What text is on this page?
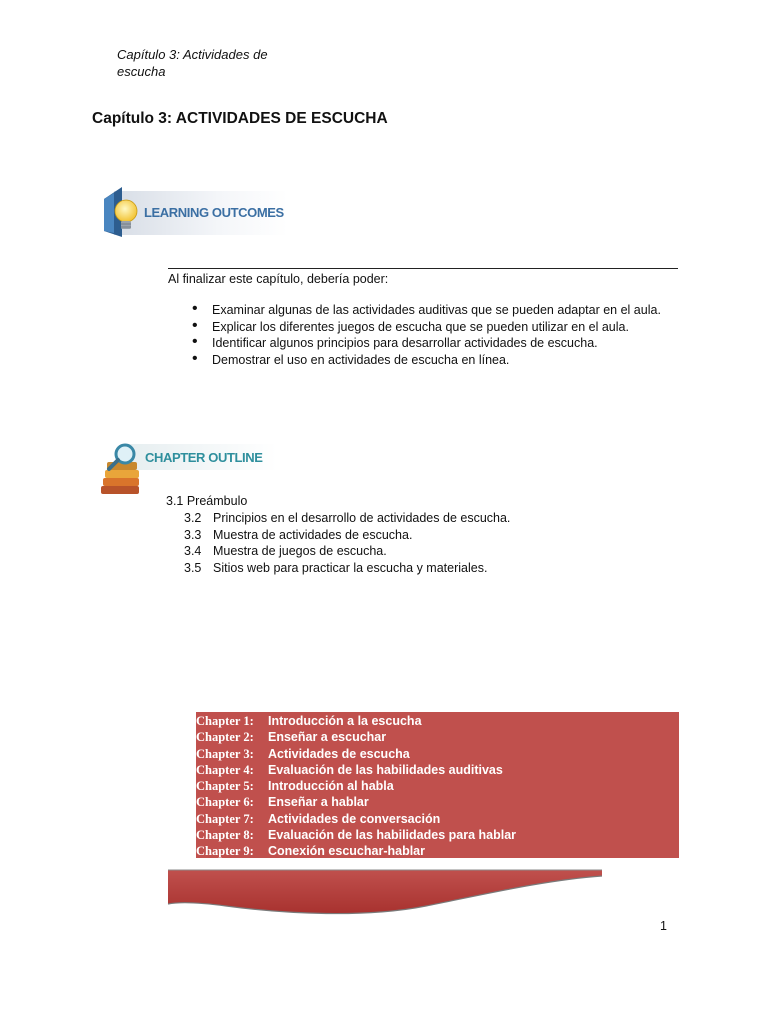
Capítulo 3: Actividades de escucha
Capítulo 3: ACTIVIDADES DE ESCUCHA
LEARNING OUTCOMES
Al finalizar este capítulo, debería poder:
• Examinar algunas de las actividades auditivas que se pueden adaptar en el aula.
• Explicar los diferentes juegos de escucha que se pueden utilizar en el aula.
• Identificar algunos principios para desarrollar actividades de escucha.
• Demostrar el uso en actividades de escucha en línea.
CHAPTER OUTLINE
3.1 Preámbulo
3.2 Principios en el desarrollo de actividades de escucha.
3.3 Muestra de actividades de escucha.
3.4 Muestra de juegos de escucha.
3.5 Sitios web para practicar la escucha y materiales.
Chapter 1:	Introducción a la escucha
Chapter 2:	Enseñar a escuchar
Chapter 3:	Actividades de escucha
Chapter 4:	Evaluación de las habilidades auditivas
Chapter 5:	Introducción al habla
Chapter 6:	Enseñar a hablar
Chapter 7:	Actividades de conversación
Chapter 8:	Evaluación de las habilidades para hablar
Chapter 9:	Conexión escuchar-hablar
1
